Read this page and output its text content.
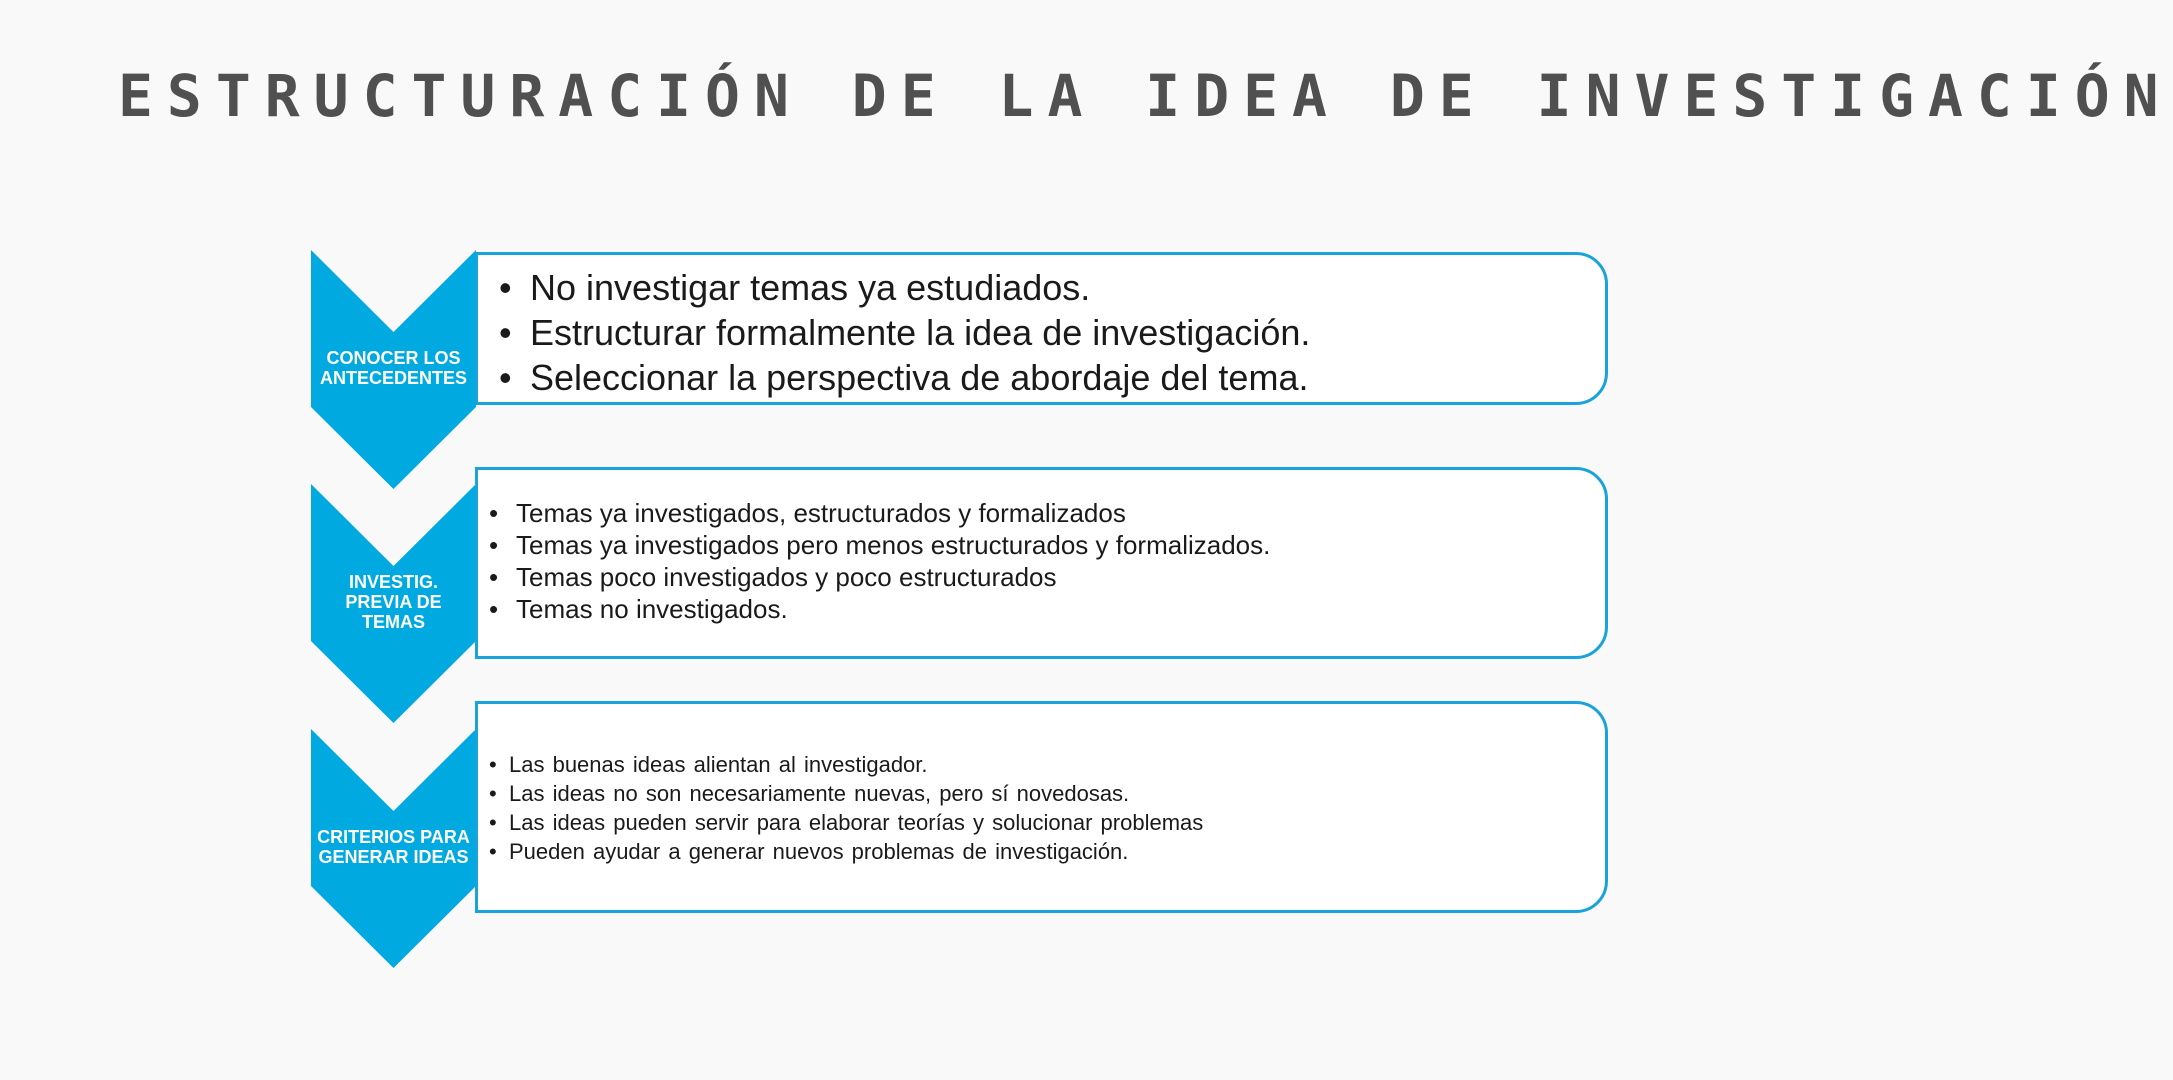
ESTRUCTURACIÓN DE LA IDEA DE INVESTIGACIÓN
CONOCER LOS
ANTECEDENTES
• No investigar temas ya estudiados.
• Estructurar formalmente la idea de investigación.
• Seleccionar la perspectiva de abordaje del tema.
INVESTIG.
PREVIA DE
TEMAS
• Temas ya investigados, estructurados y formalizados
• Temas ya investigados pero menos estructurados y formalizados.
• Temas poco investigados y poco estructurados
• Temas no investigados.
CRITERIOS PARA
GENERAR IDEAS
• Las buenas ideas alientan al investigador.
• Las ideas no son necesariamente nuevas, pero sí novedosas.
• Las ideas pueden servir para elaborar teorías y solucionar problemas
• Pueden ayudar a generar nuevos problemas de investigación.
